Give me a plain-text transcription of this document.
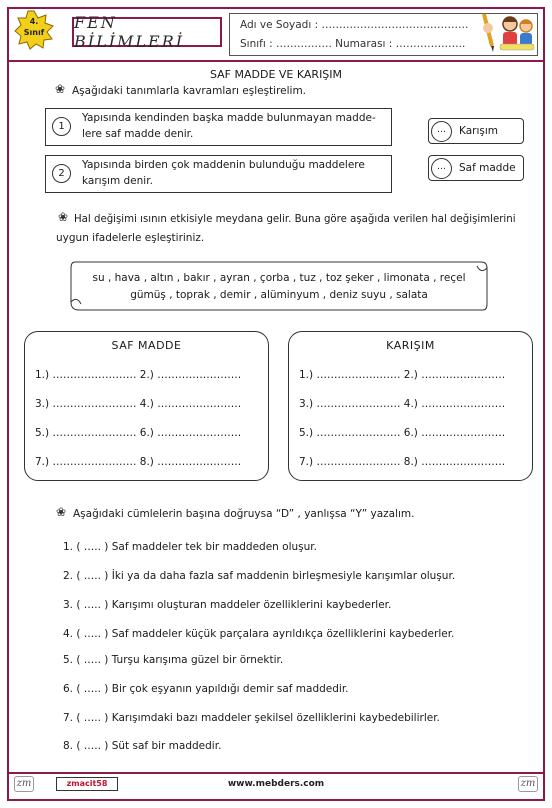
4.
Sınıf
FEN BİLİMLERİ
Adı ve Soyadı : ……………………………………
Sınıfı : ……………. Numarası : ………………..
SAF MADDE VE KARIŞIM
❀ Aşağıdaki tanımlarla kavramları eşleştirelim.
1
Yapısında kendinden başka madde bulunmayan madde-
lere saf madde denir.
2
Yapısında birden çok maddenin bulunduğu maddelere
karışım denir.
…	Karışım
…	Saf madde
❀ Hal değişimi ısının etkisiyle meydana gelir. Buna göre aşağıda verilen hal değişimlerini
uygun ifadelerle eşleştiriniz.
su , hava , altın , bakır , ayran , çorba , tuz , toz şeker , limonata , reçel
gümüş , toprak , demir , alüminyum , deniz suyu , salata
SAF MADDE
1.) …………………… 2.) ……………………
3.) …………………… 4.) ……………………
5.) …………………… 6.) ……………………
7.) …………………… 8.) ……………………
KARIŞIM
1.) …………………… 2.) ……………………
3.) …………………… 4.) ……………………
5.) …………………… 6.) ……………………
7.) …………………… 8.) ……………………
❀ Aşağıdaki cümlelerin başına doğruysa “D” , yanlışsa “Y” yazalım.
1. ( ….. ) Saf maddeler tek bir maddeden oluşur.
2. ( ….. ) İki ya da daha fazla saf maddenin birleşmesiyle karışımlar oluşur.
3. ( ….. ) Karışımı oluşturan maddeler özelliklerini kaybederler.
4. ( ….. ) Saf maddeler küçük parçalara ayrıldıkça özelliklerini kaybederler.
5. ( ….. ) Turşu karışıma güzel bir örnektir.
6. ( ….. ) Bir çok eşyanın yapıldığı demir saf maddedir.
7. ( ….. ) Karışımdaki bazı maddeler şekilsel özelliklerini kaybedebilirler.
8. ( ….. ) Süt saf bir maddedir.
zm	zmacit58	www.mebders.com	zm
